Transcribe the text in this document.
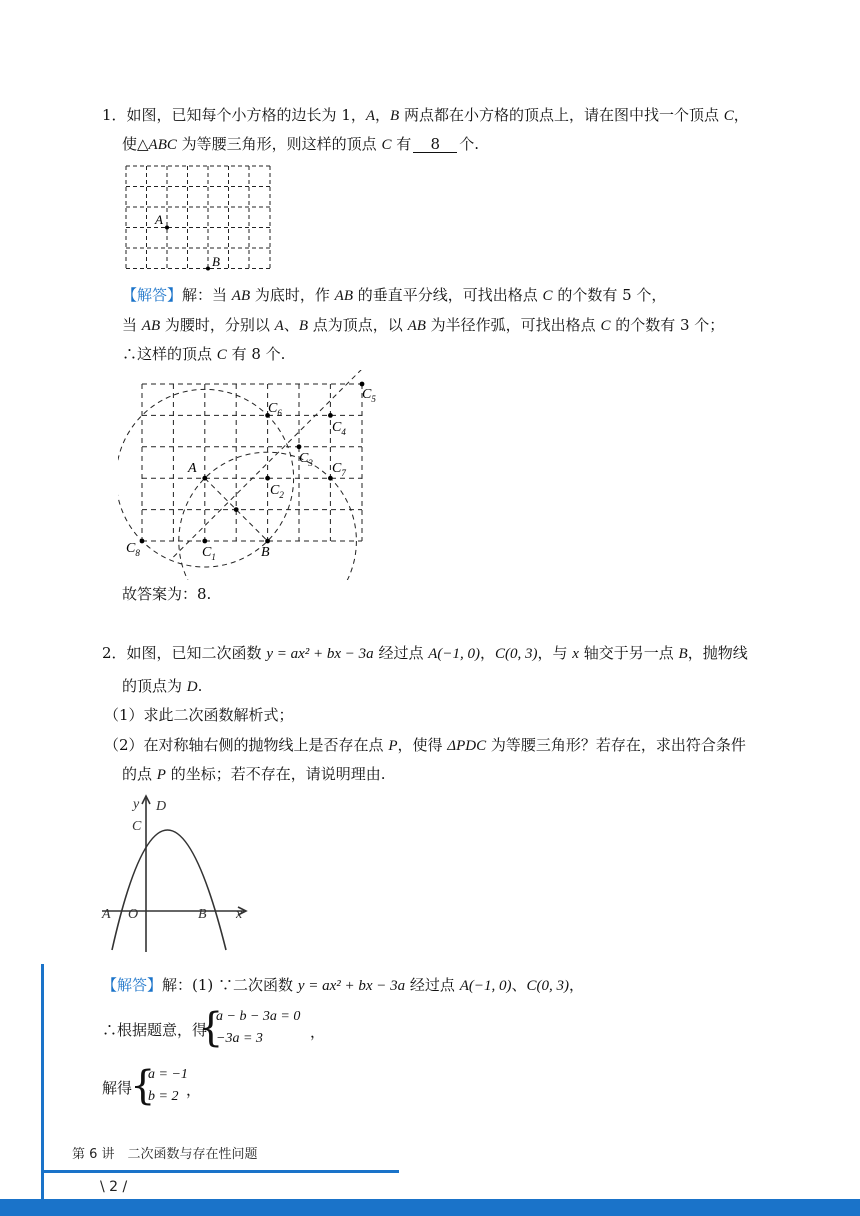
1．如图，已知每个小方格的边长为 1，A，B 两点都在小方格的顶点上，请在图中找一个顶点 C，
使△ABC 为等腰三角形，则这样的顶点 C 有 8 个.
A
B
【解答】解：当 AB 为底时，作 AB 的垂直平分线，可找出格点 C 的个数有 5 个，
当 AB 为腰时，分别以 A、B 点为顶点，以 AB 为半径作弧，可找出格点 C 的个数有 3 个；
∴这样的顶点 C 有 8 个.
A
B
$C_1$
$C_2$
$C_3$
$C_4$
$C_5$
$C_6$
$C_7$
$C_8$
故答案为：8.
2．如图，已知二次函数 y = ax² + bx − 3a 经过点 A(−1, 0)，C(0, 3)，与 x 轴交于另一点 B，抛物线
的顶点为 D.
（1）求此二次函数解析式；
（2）在对称轴右侧的抛物线上是否存在点 P，使得 ΔPDC 为等腰三角形？若存在，求出符合条件
的点 P 的坐标；若不存在，请说明理由.
y D
C
A O	B x
【解答】解：(1) ∵二次函数 y = ax² + bx − 3a 经过点 A(−1, 0)、C(0, 3)，
∴根据题意，得
{
a − b − 3a = 0
−3a = 3	，
解得
{
a = −1
b = 2 ，
第 6 讲　二次函数与存在性问题
\ 2 /
